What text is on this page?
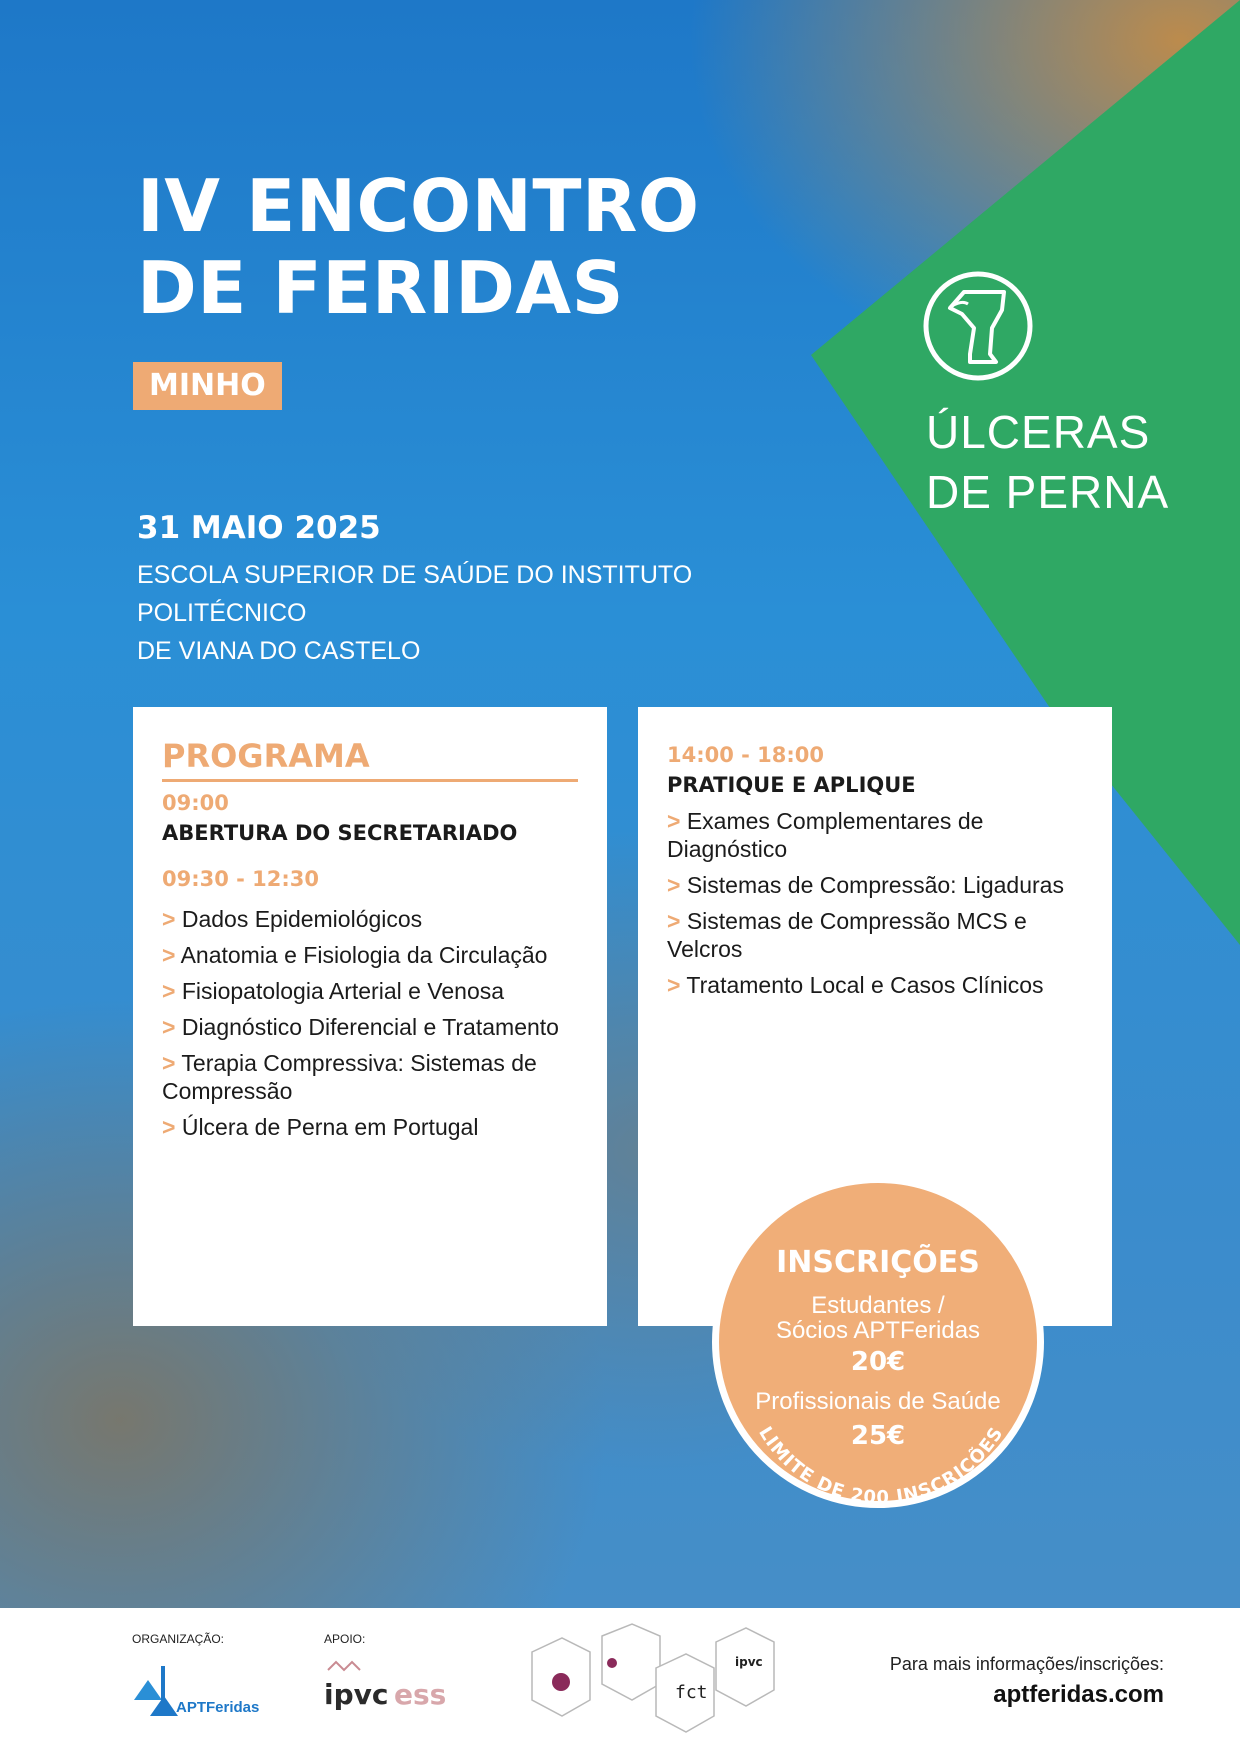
IV ENCONTRO
DE FERIDAS
MINHO
ÚLCERAS
DE PERNA
31 MAIO 2025
ESCOLA SUPERIOR DE SAÚDE DO INSTITUTO POLITÉCNICO
DE VIANA DO CASTELO
PROGRAMA
09:00
ABERTURA DO SECRETARIADO
09:30 - 12:30
> Dados Epidemiológicos
> Anatomia e Fisiologia da Circulação
> Fisiopatologia Arterial e Venosa
> Diagnóstico Diferencial e Tratamento
> Terapia Compressiva: Sistemas de Compressão
> Úlcera de Perna em Portugal
14:00 - 18:00
PRATIQUE E APLIQUE
> Exames Complementares de Diagnóstico
> Sistemas de Compressão: Ligaduras
> Sistemas de Compressão MCS e Velcros
> Tratamento Local e Casos Clínicos
INSCRIÇÕES
Estudantes /
Sócios APTFeridas
20€
Profissionais de Saúde
25€
LIMITE DE 200 INSCRIÇÕES
ORGANIZAÇÃO:
APTFeridas
APOIO:
ipvc ess	fct
ipvc	Para mais informações/inscrições:
aptferidas.com
